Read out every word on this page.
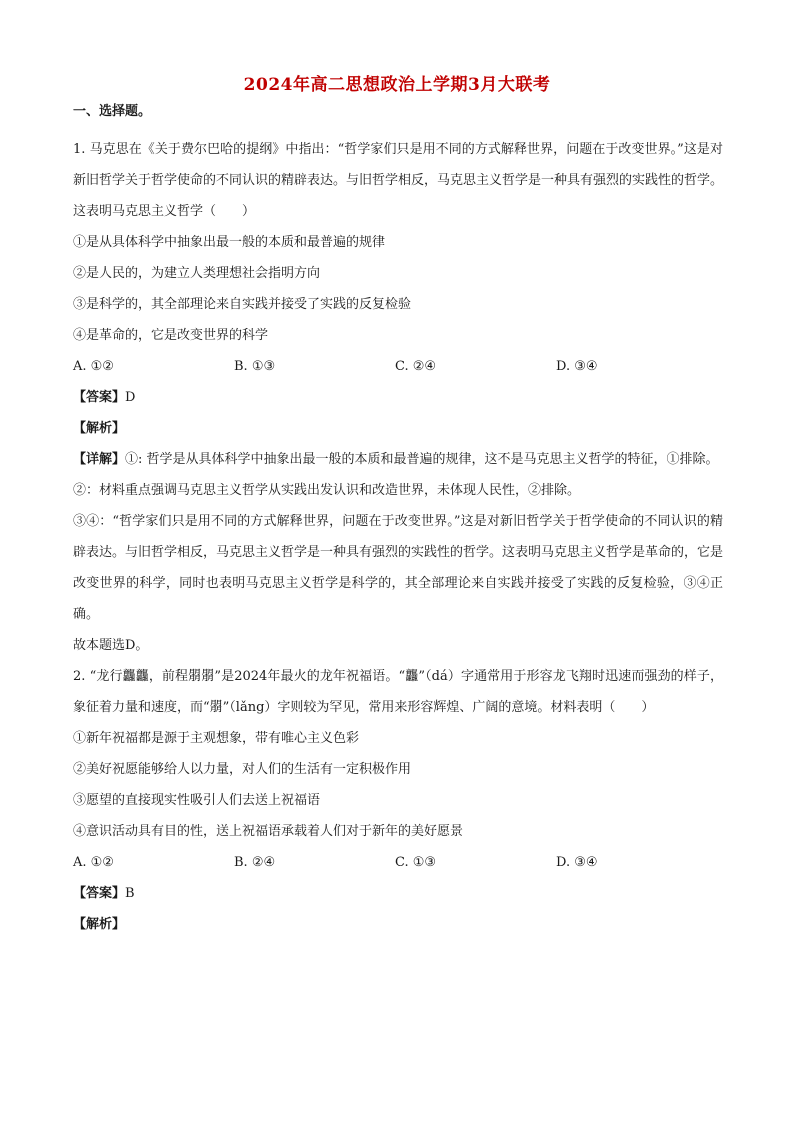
2024年高二思想政治上学期3月大联考
一、选择题。

1. 马克思在《关于费尔巴哈的提纲》中指出：“哲学家们只是用不同的方式解释世界，问题在于改变世界。”这是对新旧哲学关于哲学使命的不同认识的精辟表达。与旧哲学相反，马克思主义哲学是一种具有强烈的实践性的哲学。这表明马克思主义哲学（　　）

①是从具体科学中抽象出最一般的本质和最普遍的规律

②是人民的，为建立人类理想社会指明方向

③是科学的，其全部理论来自实践并接受了实践的反复检验

④是革命的，它是改变世界的科学

A. ①②	B. ①③	C. ②④	D. ③④

【答案】D

【解析】

【详解】①: 哲学是从具体科学中抽象出最一般的本质和最普遍的规律，这不是马克思主义哲学的特征，①排除。

②：材料重点强调马克思主义哲学从实践出发认识和改造世界，未体现人民性，②排除。

③④：“哲学家们只是用不同的方式解释世界，问题在于改变世界。”这是对新旧哲学关于哲学使命的不同认识的精辟表达。与旧哲学相反，马克思主义哲学是一种具有强烈的实践性的哲学。这表明马克思主义哲学是革命的，它是改变世界的科学，同时也表明马克思主义哲学是科学的，其全部理论来自实践并接受了实践的反复检验，③④正确。

故本题选D。

2. “龙行龘龘，前程朤朤”是2024年最火的龙年祝福语。“龘”（dá）字通常用于形容龙飞翔时迅速而强劲的样子，象征着力量和速度，而“朤”（lǎng）字则较为罕见，常用来形容辉煌、广阔的意境。材料表明（　　）

①新年祝福都是源于主观想象，带有唯心主义色彩

②美好祝愿能够给人以力量，对人们的生活有一定积极作用

③愿望的直接现实性吸引人们去送上祝福语

④意识活动具有目的性，送上祝福语承载着人们对于新年的美好愿景

A. ①②	B. ②④	C. ①③	D. ③④

【答案】B

【解析】
